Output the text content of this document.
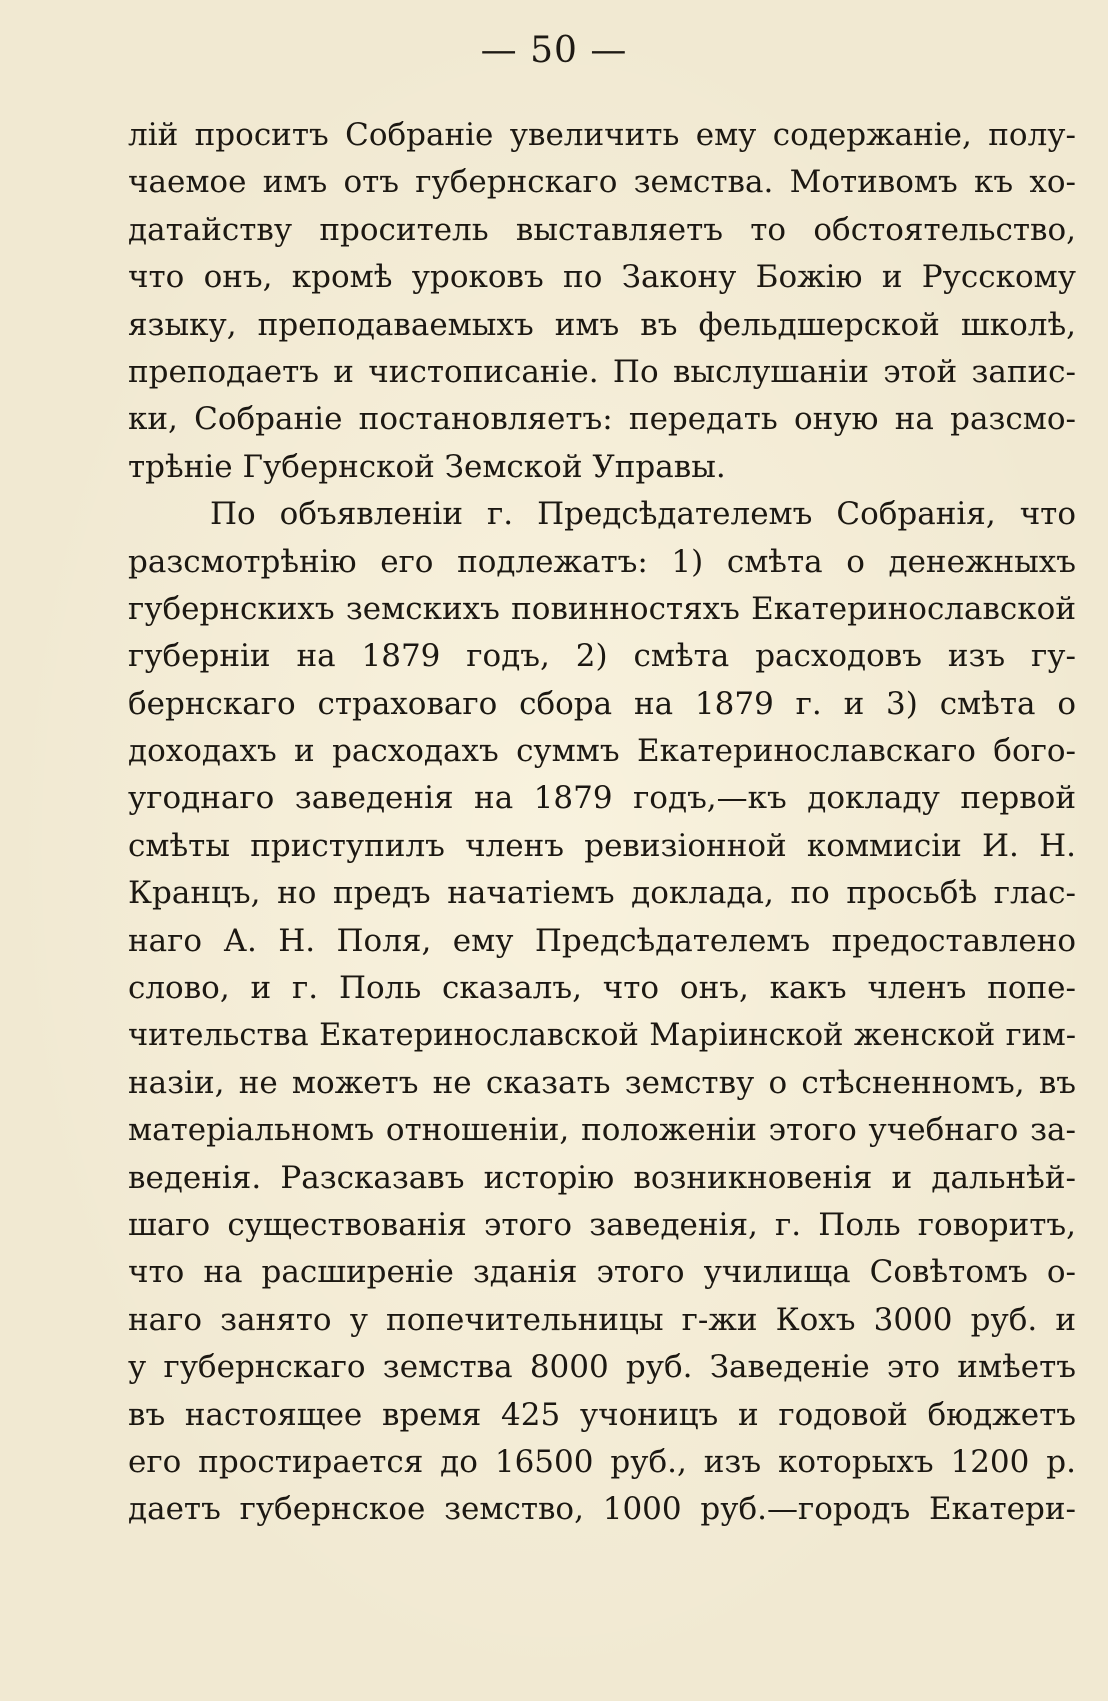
— 50 —
лій проситъ Собраніе увеличить ему содержаніе, полу-
чаемое имъ отъ губернскаго земства. Мотивомъ къ хо-
датайству проситель выставляетъ то обстоятельство,
что онъ, кромѣ уроковъ по Закону Божію и Русскому
языку, преподаваемыхъ имъ въ фельдшерской школѣ,
преподаетъ и чистописаніе. По выслушаніи этой запис-
ки, Собраніе постановляетъ: передать оную на разсмо-
трѣніе Губернской Земской Управы.
По объявленіи г. Предсѣдателемъ Собранія, что
разсмотрѣнію его подлежатъ: 1) смѣта о денежныхъ
губернскихъ земскихъ повинностяхъ Екатеринославской
губерніи на 1879 годъ, 2) смѣта расходовъ изъ гу-
бернскаго страховаго сбора на 1879 г. и 3) смѣта о
доходахъ и расходахъ суммъ Екатеринославскаго бого-
угоднаго заведенія на 1879 годъ,—къ докладу первой
смѣты приступилъ членъ ревизіонной коммисіи И. Н.
Кранцъ, но предъ начатіемъ доклада, по просьбѣ глас-
наго А. Н. Поля, ему Предсѣдателемъ предоставлено
слово, и г. Поль сказалъ, что онъ, какъ членъ попе-
чительства Екатеринославской Маріинской женской гим-
назіи, не можетъ не сказать земству о стѣсненномъ, въ
матеріальномъ отношеніи, положеніи этого учебнаго за-
веденія. Разсказавъ исторію возникновенія и дальнѣй-
шаго существованія этого заведенія, г. Поль говоритъ,
что на расширеніе зданія этого училища Совѣтомъ о-
наго занято у попечительницы г-жи Кохъ 3000 руб. и
у губернскаго земства 8000 руб. Заведеніе это имѣетъ
въ настоящее время 425 учоницъ и годовой бюджетъ
его простирается до 16500 руб., изъ которыхъ 1200 р.
даетъ губернское земство, 1000 руб.—городъ Екатери-
